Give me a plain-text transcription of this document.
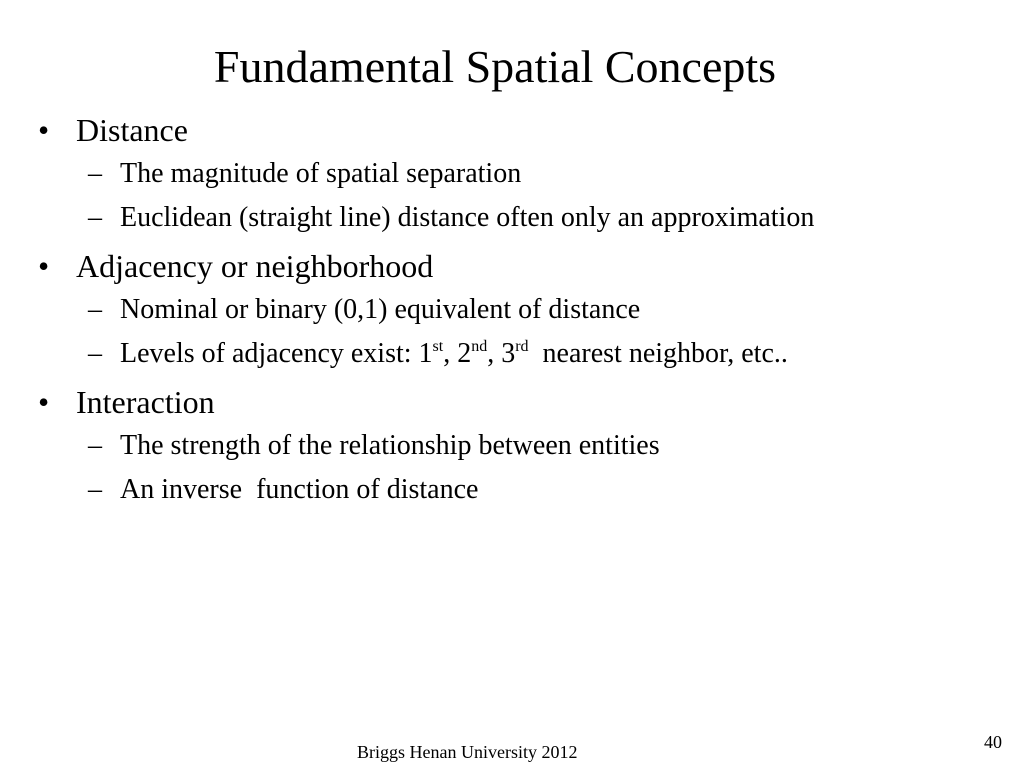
Fundamental Spatial Concepts
• Distance
– The magnitude of spatial separation
– Euclidean (straight line) distance often only an approximation
• Adjacency or neighborhood
– Nominal or binary (0,1) equivalent of distance
– Levels of adjacency exist: 1st, 2nd, 3rd  nearest neighbor, etc..
• Interaction
– The strength of the relationship between entities
– An inverse  function of distance
Briggs Henan University 2012	40
